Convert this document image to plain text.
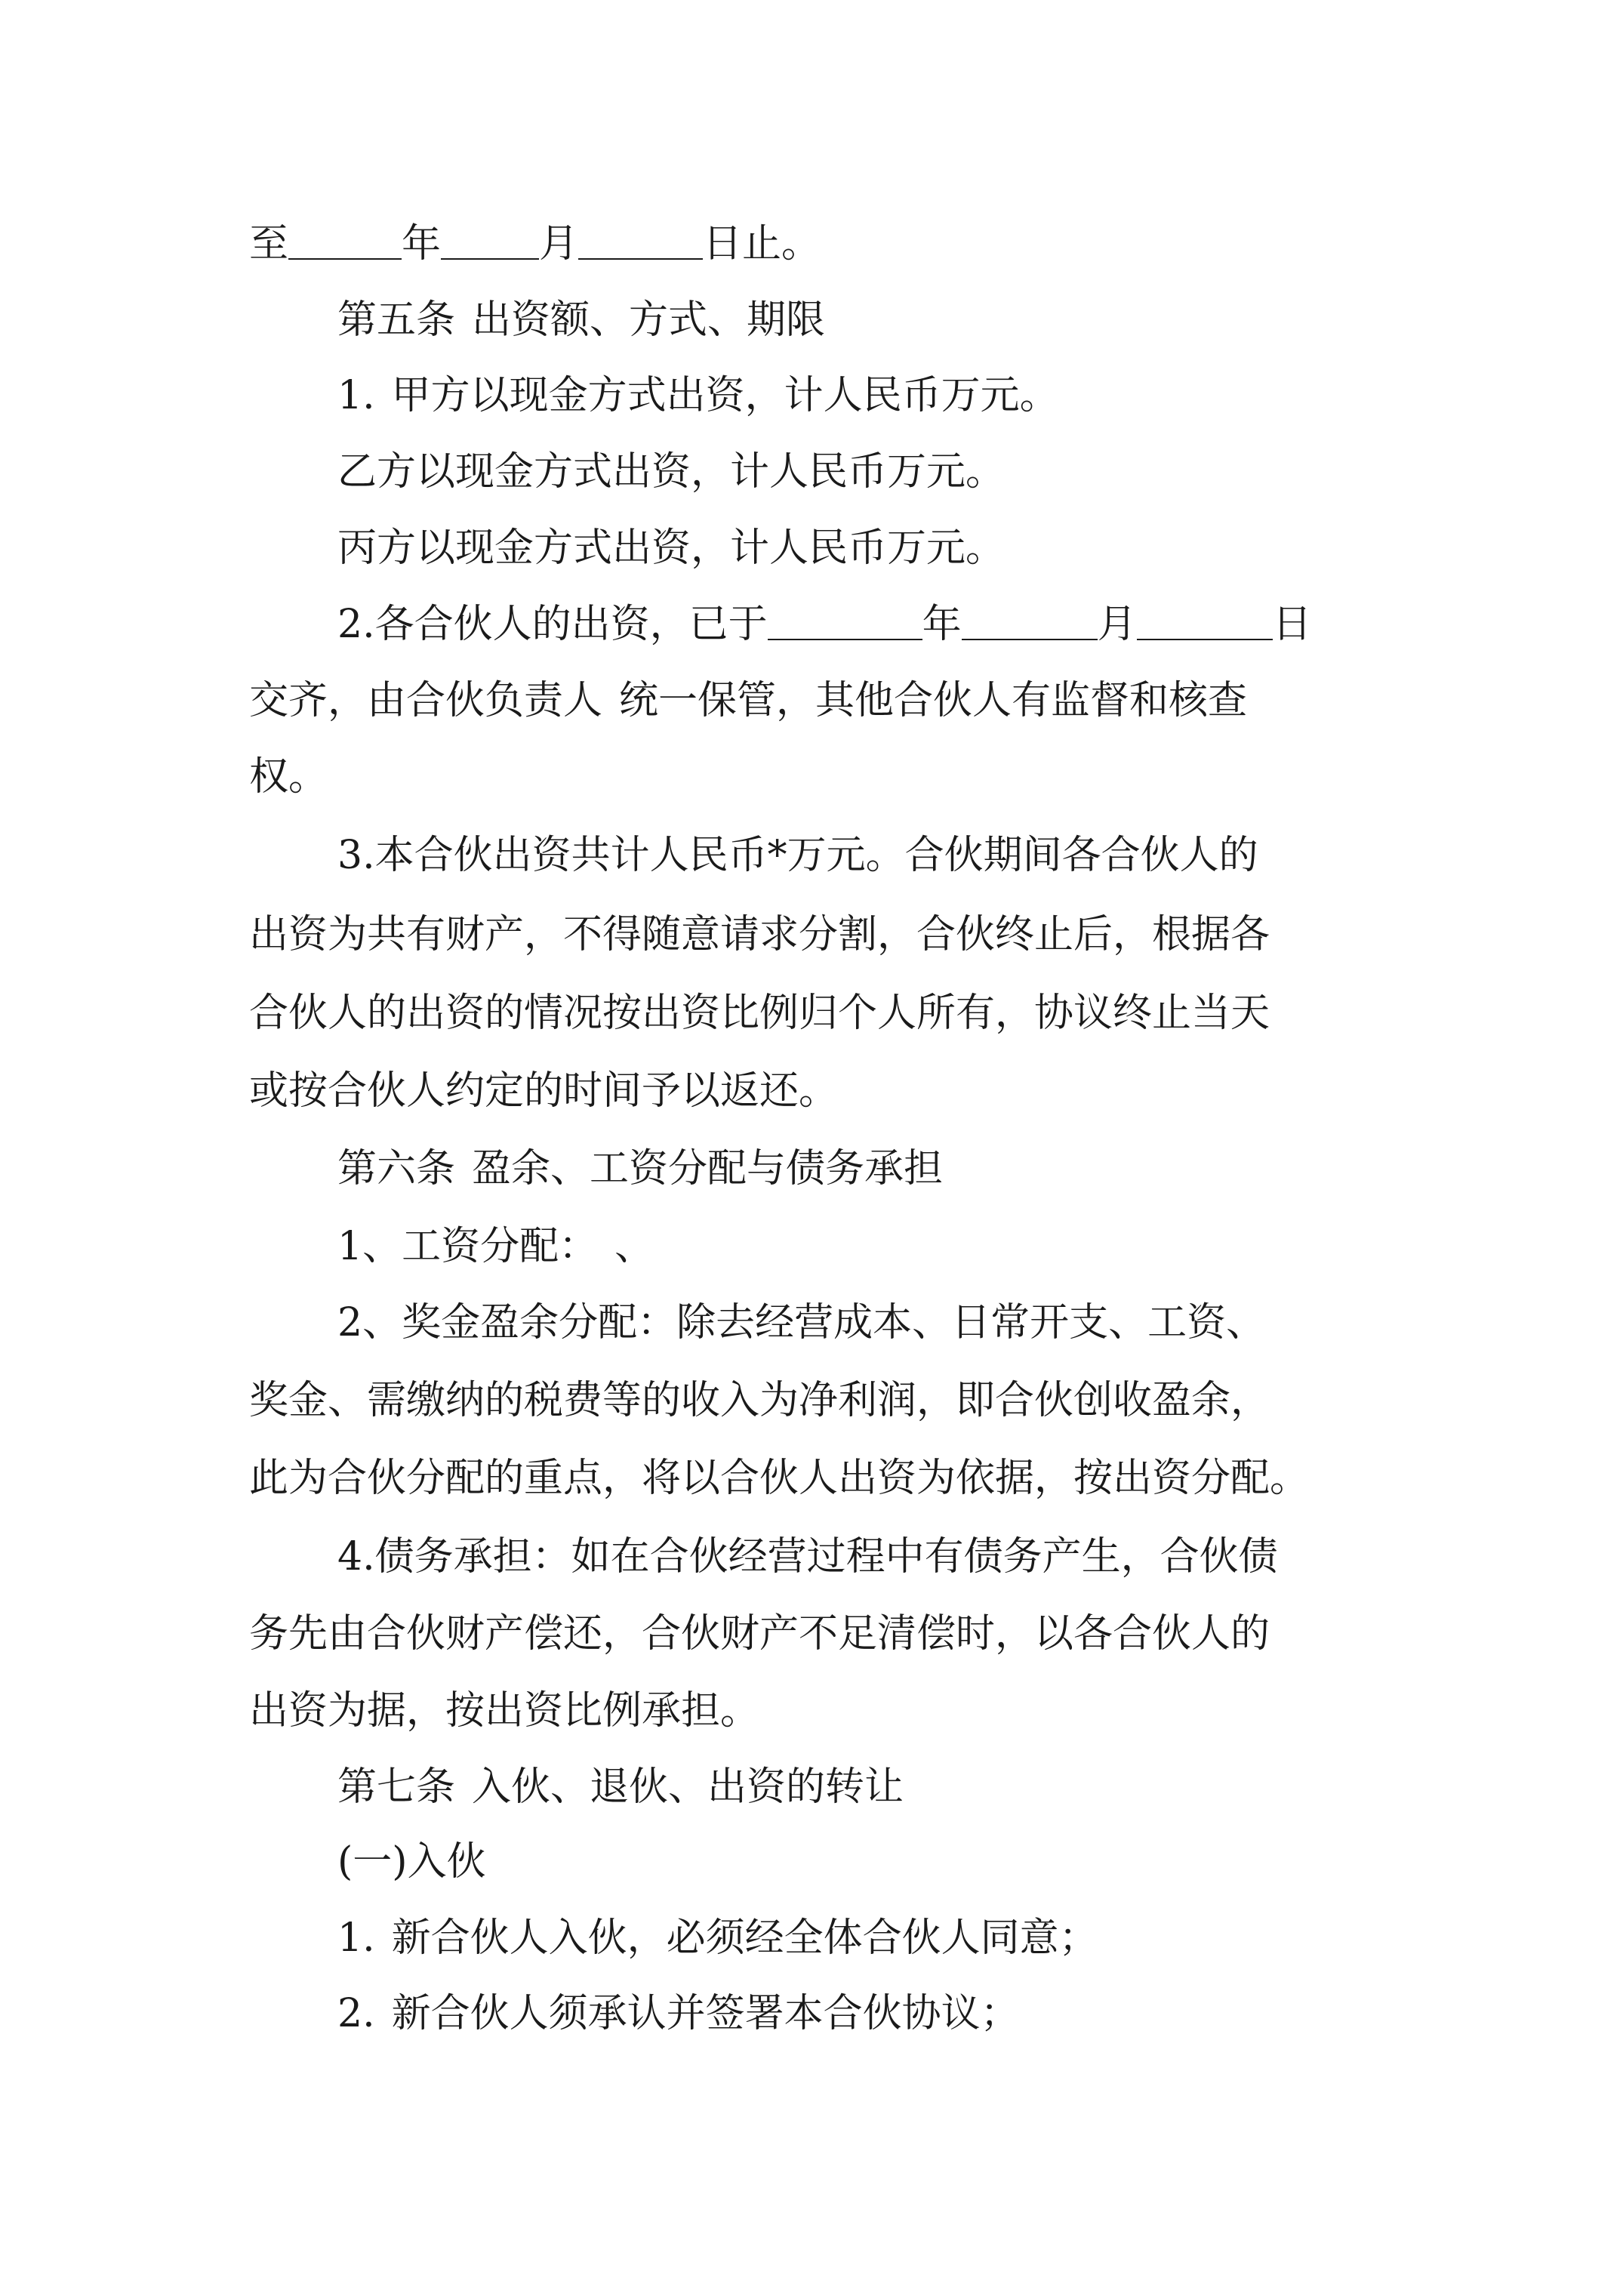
至	年	月	日止。
第五条 出资额、方式、期限
1. 甲方以现金方式出资，计人民币万元。
乙方以现金方式出资，计人民币万元。
丙方以现金方式出资，计人民币万元。
2.各合伙人的出资，已于	年	月	日
交齐，由合伙负责人 统一保管，其他合伙人有监督和核查
权。
3.本合伙出资共计人民币*万元。合伙期间各合伙人的
出资为共有财产，不得随意请求分割，合伙终止后，根据各
合伙人的出资的情况按出资比例归个人所有，协议终止当天
或按合伙人约定的时间予以返还。
第六条 盈余、工资分配与债务承担
1、工资分配： 、
2、奖金盈余分配：除去经营成本、日常开支、工资、
奖金、需缴纳的税费等的收入为净利润，即合伙创收盈余，
此为合伙分配的重点，将以合伙人出资为依据，按出资分配。
4.债务承担：如在合伙经营过程中有债务产生，合伙债
务先由合伙财产偿还，合伙财产不足清偿时，以各合伙人的
出资为据，按出资比例承担。
第七条 入伙、退伙、出资的转让
(一)入伙
1. 新合伙人入伙，必须经全体合伙人同意；
2. 新合伙人须承认并签署本合伙协议；
